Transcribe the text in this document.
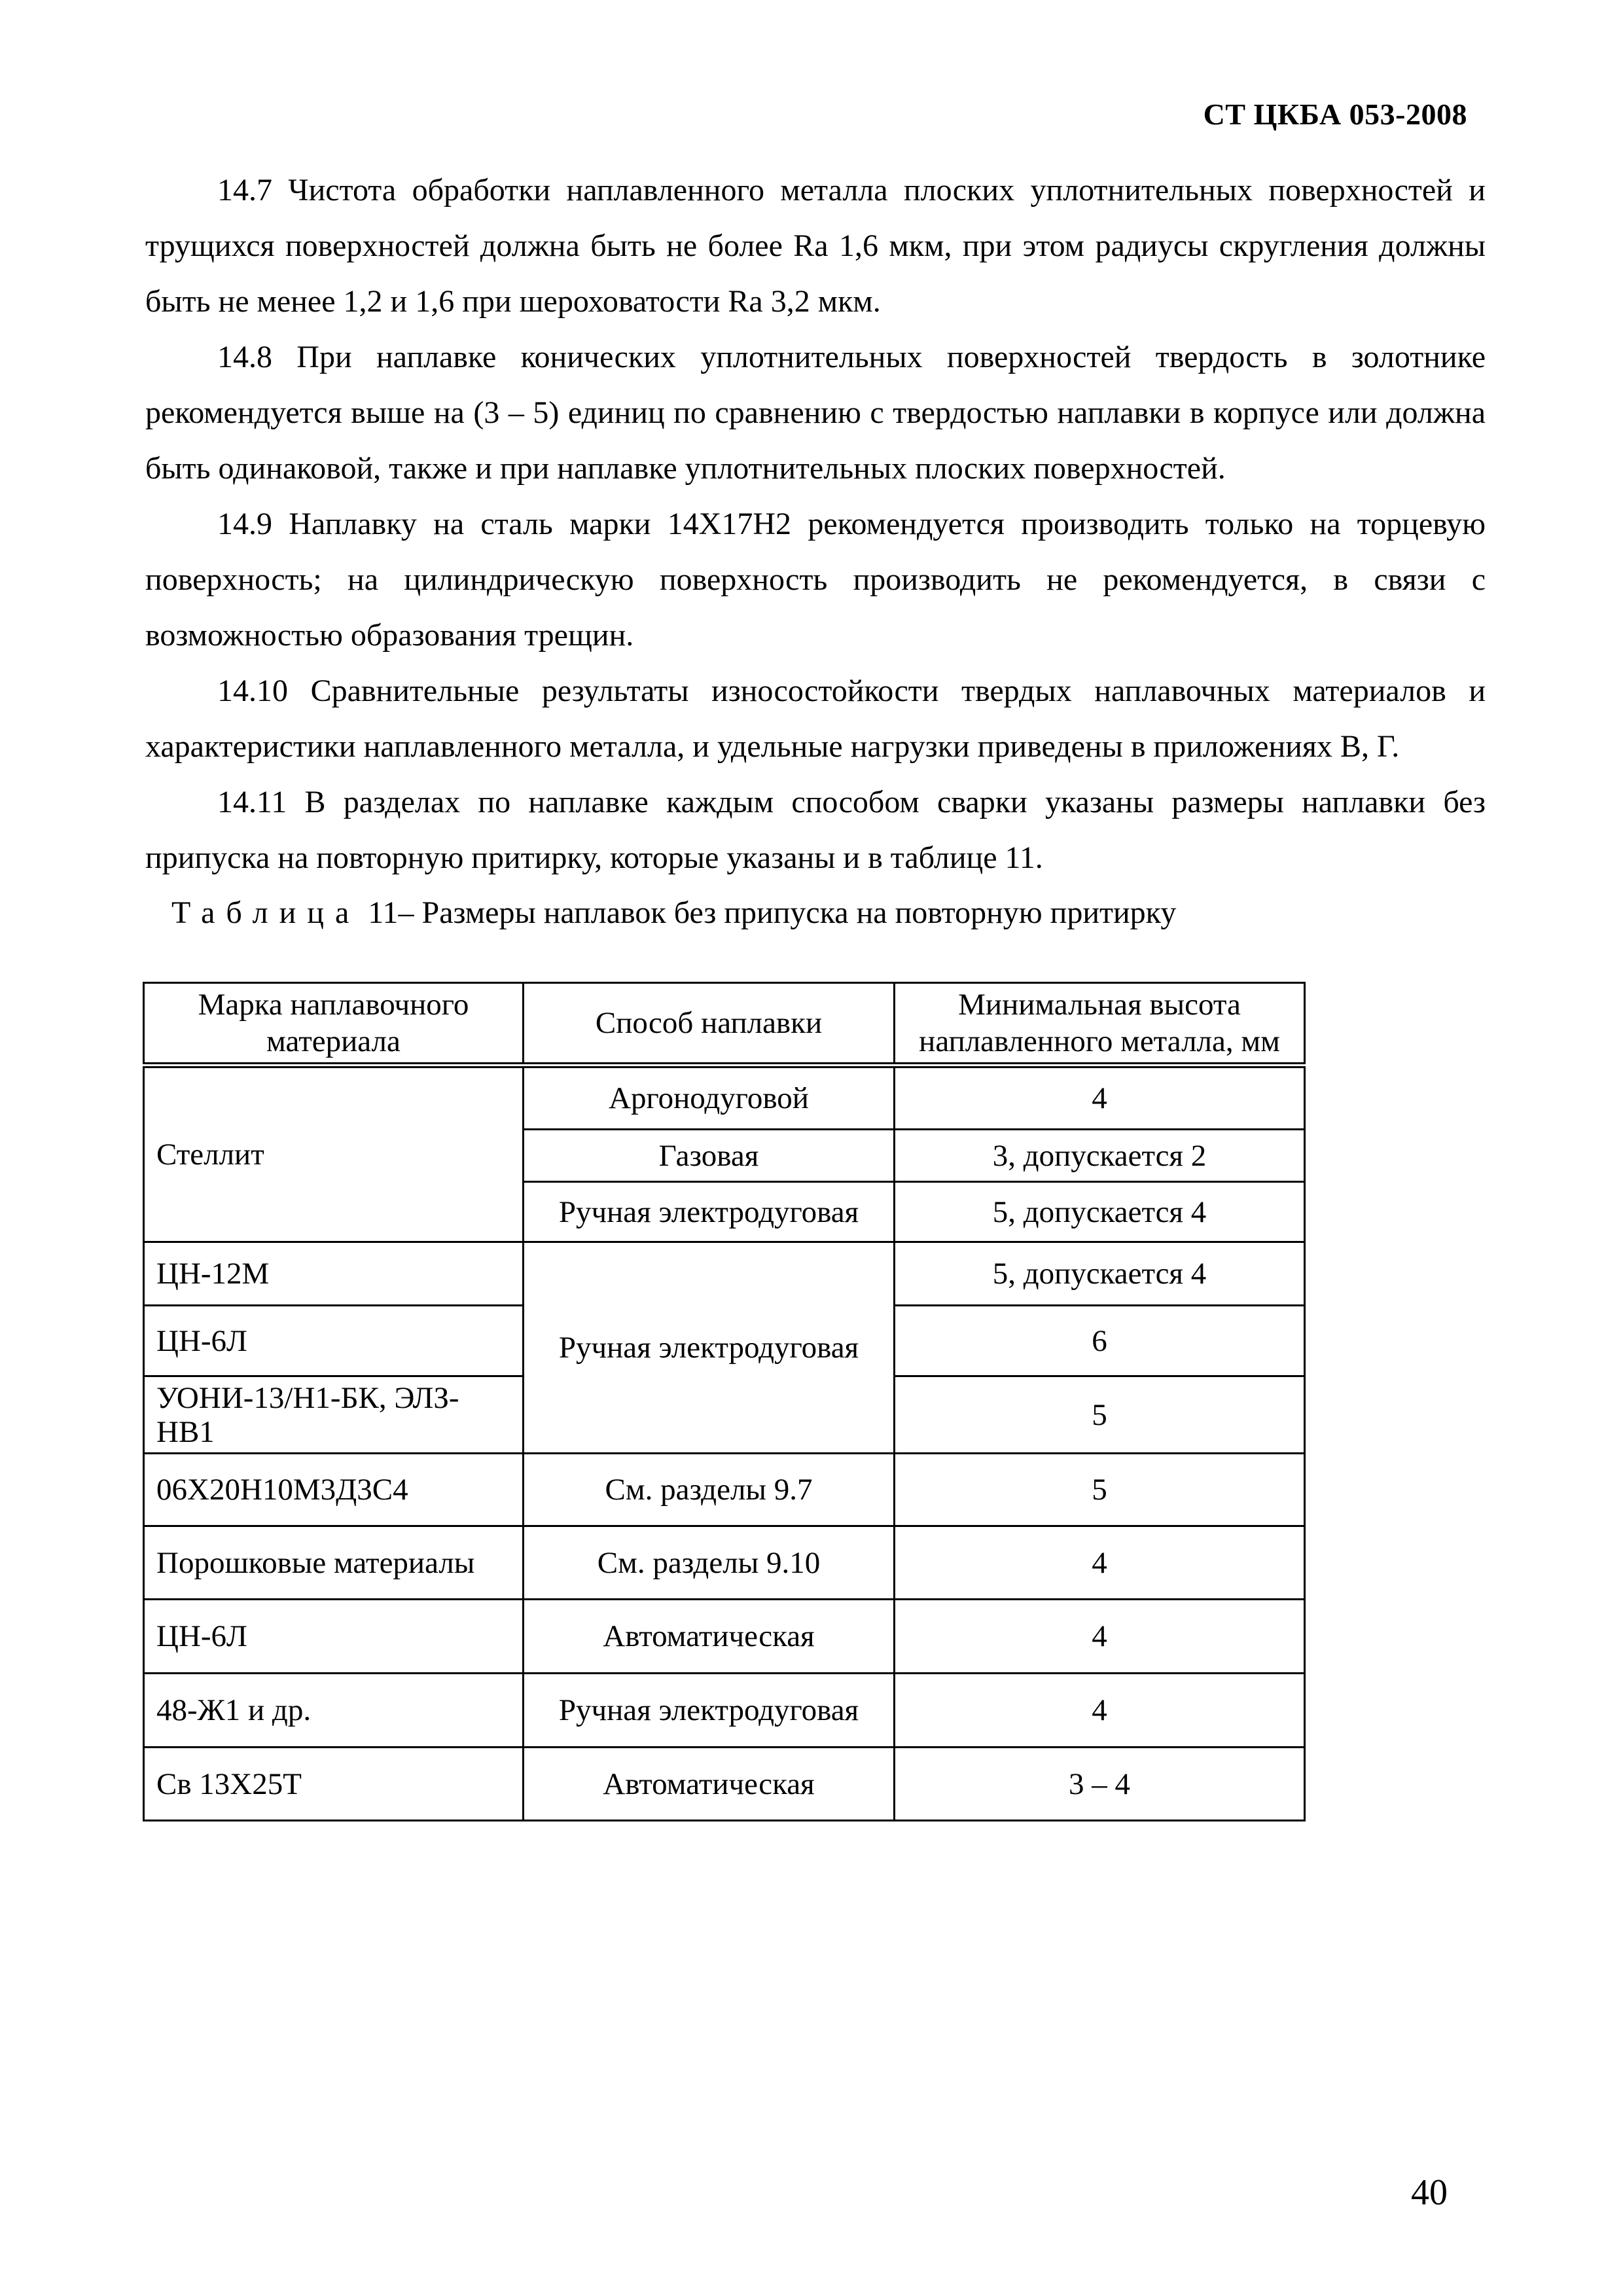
СТ ЦКБА 053-2008

14.7 Чистота обработки наплавленного металла плоских уплотнительных поверхностей и трущихся поверхностей должна быть не более Ra 1,6 мкм, при этом радиусы скругления должны быть не менее 1,2 и 1,6 при шероховатости Ra 3,2 мкм.

14.8 При наплавке конических уплотнительных поверхностей твердость в золотнике рекомендуется выше на (3 – 5) единиц по сравнению с твердостью наплавки в корпусе или должна быть одинаковой, также и при наплавке уплотнительных плоских поверхностей.

14.9 Наплавку на сталь марки 14Х17Н2 рекомендуется производить только на торцевую поверхность; на цилиндрическую поверхность производить не рекомендуется, в связи с возможностью образования трещин.

14.10 Сравнительные результаты износостойкости твердых наплавочных материалов и характеристики наплавленного металла, и удельные нагрузки приведены в приложениях В, Г.

14.11 В разделах по наплавке каждым способом сварки указаны размеры наплавки без припуска на повторную притирку, которые указаны и в таблице 11.

Таблица 11– Размеры наплавок без припуска на повторную притирку
Марка наплавочного материала	Способ наплавки	Минимальная высота наплавленного металла, мм
Стеллит	Аргонодуговой	4
	Газовая	3, допускается 2
	Ручная электродуговая	5, допускается 4
ЦН-12М	Ручная электродуговая	5, допускается 4
ЦН-6Л		6
УОНИ-13/Н1-БК, ЭЛЗ-НВ1		5
06Х20Н10М3Д3С4	См. разделы 9.7	5
Порошковые материалы	См. разделы 9.10	4
ЦН-6Л	Автоматическая	4
48-Ж1 и др.	Ручная электродуговая	4
Св 13Х25Т	Автоматическая	3 – 4
40
